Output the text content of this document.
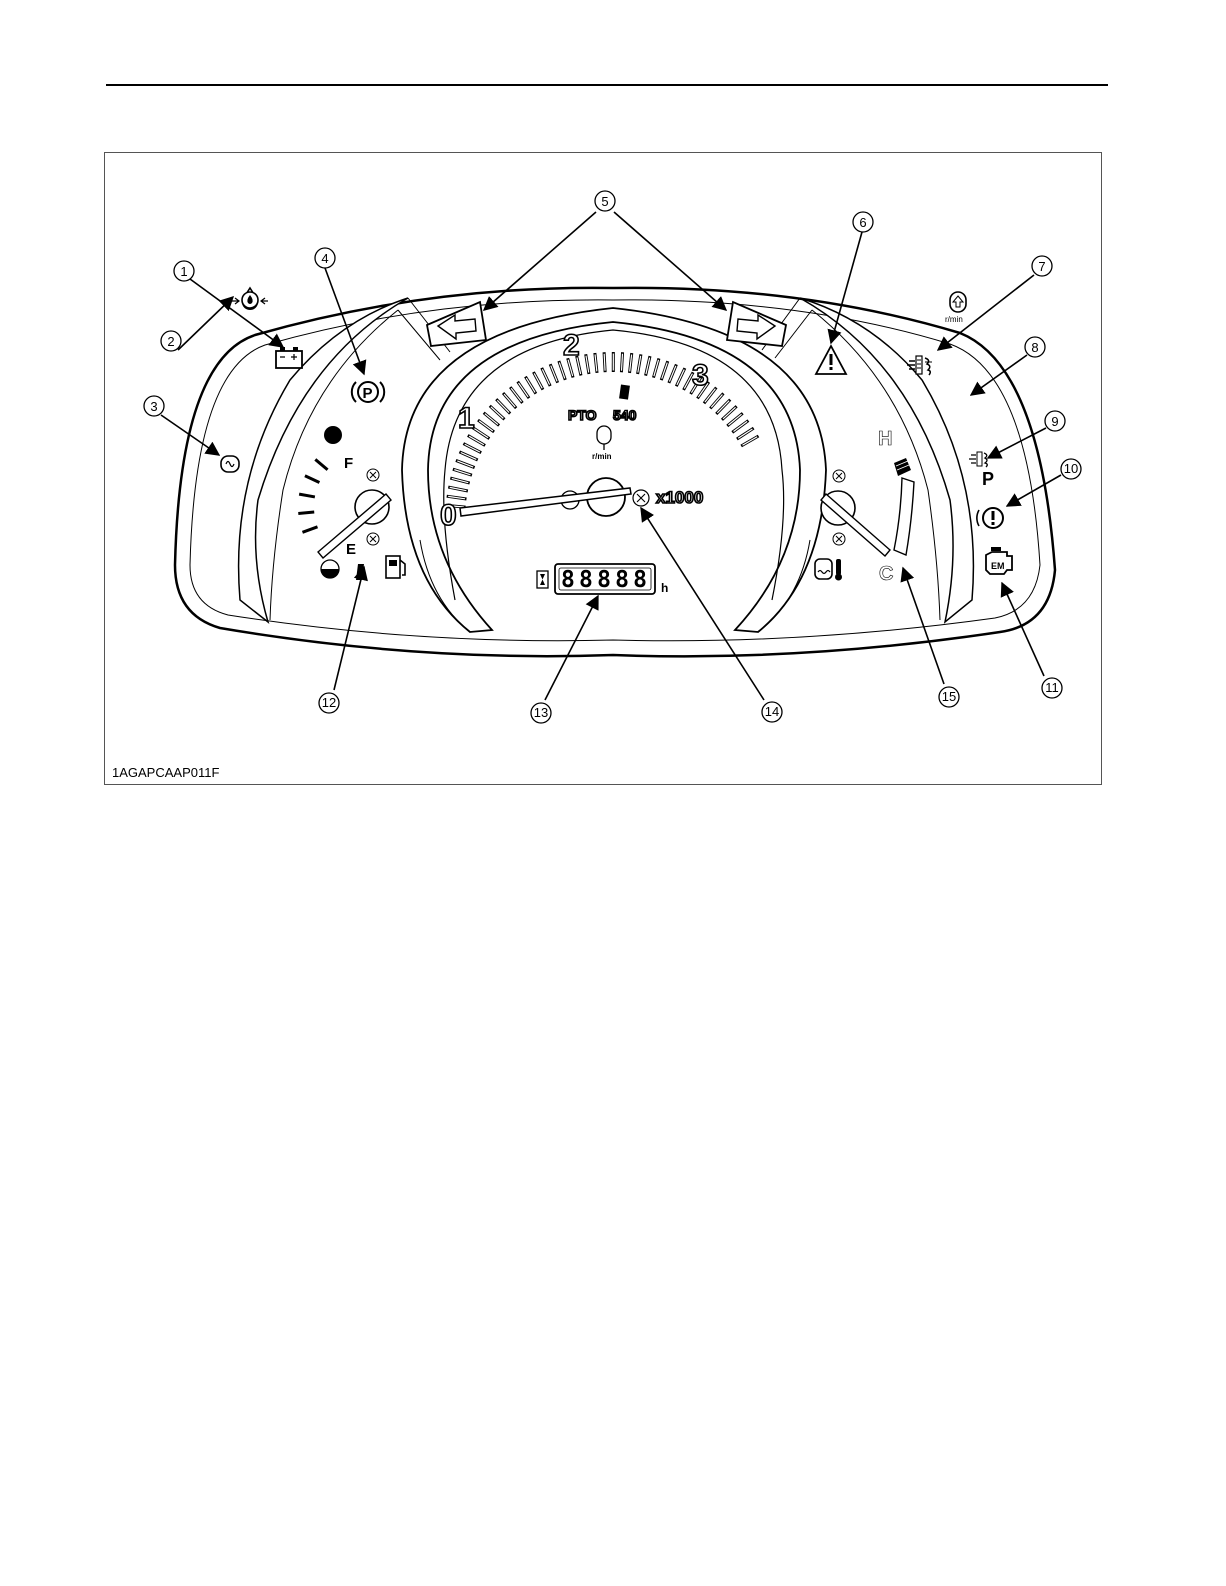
0
1
2
3
PTO 540
r/min
x1000
88888 h
F
E
H
C
P
r/min
P
EM
1
2
3
4
5
6
7
8
9
10
11
12
13	14
15
1AGAPCAAP011F
